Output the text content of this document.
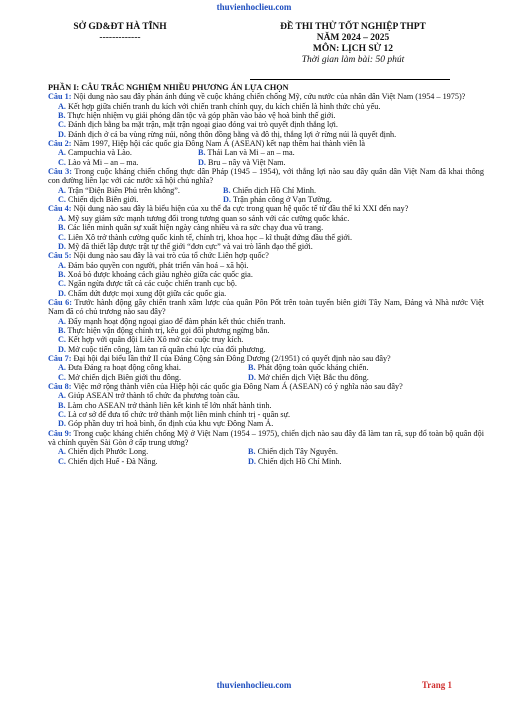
thuvienhoclieu.com
SỞ GD&ĐT HÀ TĨNH
-------------
ĐỀ THI THỬ TỐT NGHIỆP THPT
NĂM 2024 – 2025
MÔN: LỊCH SỬ 12
Thời gian làm bài: 50 phút
PHẦN I: CÂU TRẮC NGHIỆM NHIỀU PHƯƠNG ÁN LỰA CHỌN

Câu 1: Nội dung nào sau đây phản ánh đúng về cuộc kháng chiến chống Mỹ, cứu nước của nhân dân Việt Nam (1954 – 1975)?

A. Kết hợp giữa chiến tranh du kích với chiến tranh chính quy, du kích chiến là hình thức chủ yếu.

B. Thực hiện nhiệm vụ giải phóng dân tộc và góp phần vào bảo vệ hoà bình thế giới.

C. Đánh địch bằng ba mặt trận, mặt trận ngoại giao đóng vai trò quyết định thắng lợi.

D. Đánh địch ở cả ba vùng rừng núi, nông thôn đồng bằng và đô thị, thắng lợi ở rừng núi là quyết định.

Câu 2: Năm 1997, Hiệp hội các quốc gia Đông Nam Á (ASEAN) kết nạp thêm hai thành viên là

A. Campuchia và Lào.	B. Thái Lan và Mi – an – ma.
C. Lào và Mi – an – ma.	D. Bru – nây và Việt Nam.

Câu 3: Trong cuộc kháng chiến chống thực dân Pháp (1945 – 1954), với thắng lợi nào sau đây quân dân Việt Nam đã khai thông con đường liên lạc với các nước xã hội chủ nghĩa?

A. Trận “Điện Biên Phủ trên không”.	B. Chiến dịch Hồ Chí Minh.
C. Chiến dịch Biên giới.	D. Trận phản công ở Vạn Tường.

Câu 4: Nội dung nào sau đây là biểu hiện của xu thế đa cực trong quan hệ quốc tế từ đầu thế kỉ XXI đến nay?

A. Mỹ suy giảm sức mạnh tương đối trong tương quan so sánh với các cường quốc khác.

B. Các liên minh quân sự xuất hiện ngày càng nhiều và ra sức chạy đua vũ trang.

C. Liên Xô trở thành cường quốc kinh tế, chính trị, khoa học – kĩ thuật đứng đầu thế giới.

D. Mỹ đã thiết lập được trật tự thế giới “đơn cực” và vai trò lãnh đạo thế giới.

Câu 5: Nội dung nào sau đây là vai trò của tổ chức Liên hợp quốc?

A. Đảm bảo quyền con người, phát triển văn hoá – xã hội.

B. Xoá bỏ được khoảng cách giàu nghèo giữa các quốc gia.

C. Ngăn ngừa được tất cả các cuộc chiến tranh cục bộ.

D. Chấm dứt được mọi xung đột giữa các quốc gia.

Câu 6: Trước hành động gây chiến tranh xâm lược của quân Pôn Pốt trên toàn tuyến biên giới Tây Nam, Đảng và Nhà nước Việt Nam đã có chủ trương nào sau đây?

A. Đẩy mạnh hoạt động ngoại giao để đàm phán kết thúc chiến tranh.

B. Thực hiện vận động chính trị, kêu gọi đối phương ngừng bắn.

C. Kết hợp với quân đội Liên Xô mở các cuộc truy kích.

D. Mở cuộc tiến công, làm tan rã quân chủ lực của đối phương.

Câu 7: Đại hội đại biểu lần thứ II của Đảng Cộng sản Đông Dương (2/1951) có quyết định nào sau đây?

A. Đưa Đảng ra hoạt động công khai.	B. Phát động toàn quốc kháng chiến.
C. Mở chiến dịch Biên giới thu đông.	D. Mở chiến dịch Việt Bắc thu đông.

Câu 8: Việc mở rộng thành viên của Hiệp hội các quốc gia Đông Nam Á (ASEAN) có ý nghĩa nào sau đây?

A. Giúp ASEAN trở thành tổ chức đa phương toàn cầu.

B. Làm cho ASEAN trở thành liên kết kinh tế lớn nhất hành tinh.

C. Là cơ sở để đưa tổ chức trở thành một liên minh chính trị - quân sự.

D. Góp phần duy trì hoà bình, ổn định của khu vực Đông Nam Á.

Câu 9: Trong cuộc kháng chiến chống Mỹ ở Việt Nam (1954 – 1975), chiến dịch nào sau đây đã làm tan rã, sụp đổ toàn bộ quân đội và chính quyền Sài Gòn ở cấp trung ương?

A. Chiến dịch Phước Long.	B. Chiến dịch Tây Nguyên.
C. Chiến dịch Huế - Đà Nẵng.	D. Chiến dịch Hồ Chí Minh.
thuvienhoclieu.com	Trang 1
